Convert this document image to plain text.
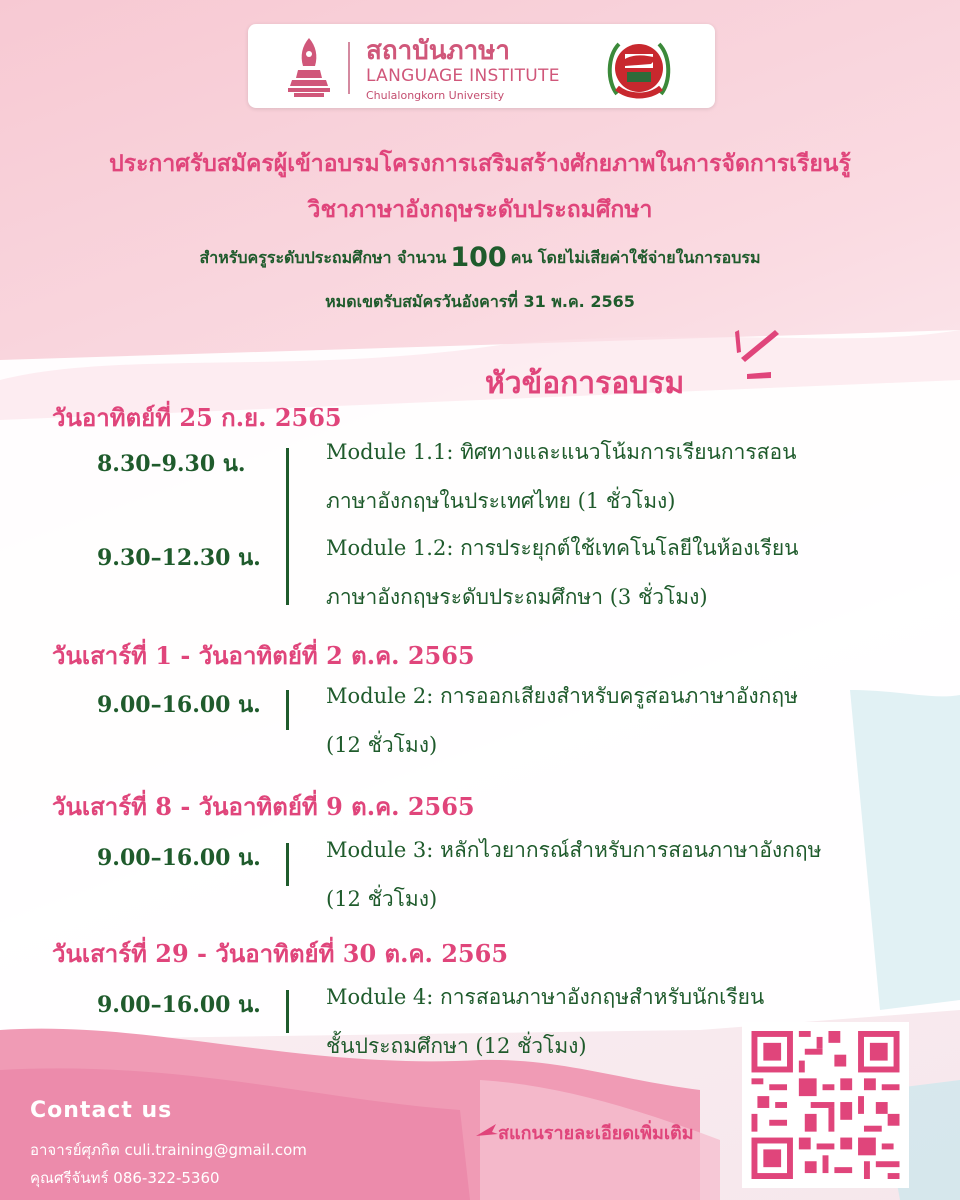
สถาบันภาษา
LANGUAGE INSTITUTE
Chulalongkorn University
ประกาศรับสมัครผู้เข้าอบรมโครงการเสริมสร้างศักยภาพในการจัดการเรียนรู้
วิชาภาษาอังกฤษระดับประถมศึกษา
สำหรับครูระดับประถมศึกษา จำนวน 100 คน โดยไม่เสียค่าใช้จ่ายในการอบรม
หมดเขตรับสมัครวันอังคารที่ 31 พ.ค. 2565
หัวข้อการอบรม
วันอาทิตย์ที่ 25 ก.ย. 2565
8.30–9.30 น.	Module 1.1: ทิศทางและแนวโน้มการเรียนการสอน
ภาษาอังกฤษในประเทศไทย (1 ชั่วโมง)
9.30–12.30 น.	Module 1.2: การประยุกต์ใช้เทคโนโลยีในห้องเรียน
ภาษาอังกฤษระดับประถมศึกษา (3 ชั่วโมง)
วันเสาร์ที่ 1 - วันอาทิตย์ที่ 2 ต.ค. 2565
9.00–16.00 น.	Module 2: การออกเสียงสำหรับครูสอนภาษาอังกฤษ
(12 ชั่วโมง)
วันเสาร์ที่ 8 - วันอาทิตย์ที่ 9 ต.ค. 2565
9.00–16.00 น.	Module 3: หลักไวยากรณ์สำหรับการสอนภาษาอังกฤษ
(12 ชั่วโมง)
วันเสาร์ที่ 29 - วันอาทิตย์ที่ 30 ต.ค. 2565
9.00–16.00 น.	Module 4: การสอนภาษาอังกฤษสำหรับนักเรียน
ชั้นประถมศึกษา (12 ชั่วโมง)
Contact us
อาจารย์ศุภกิต culi.training@gmail.com
คุณศรีจันทร์ 086-322-5360
สแกนรายละเอียดเพิ่มเติม
